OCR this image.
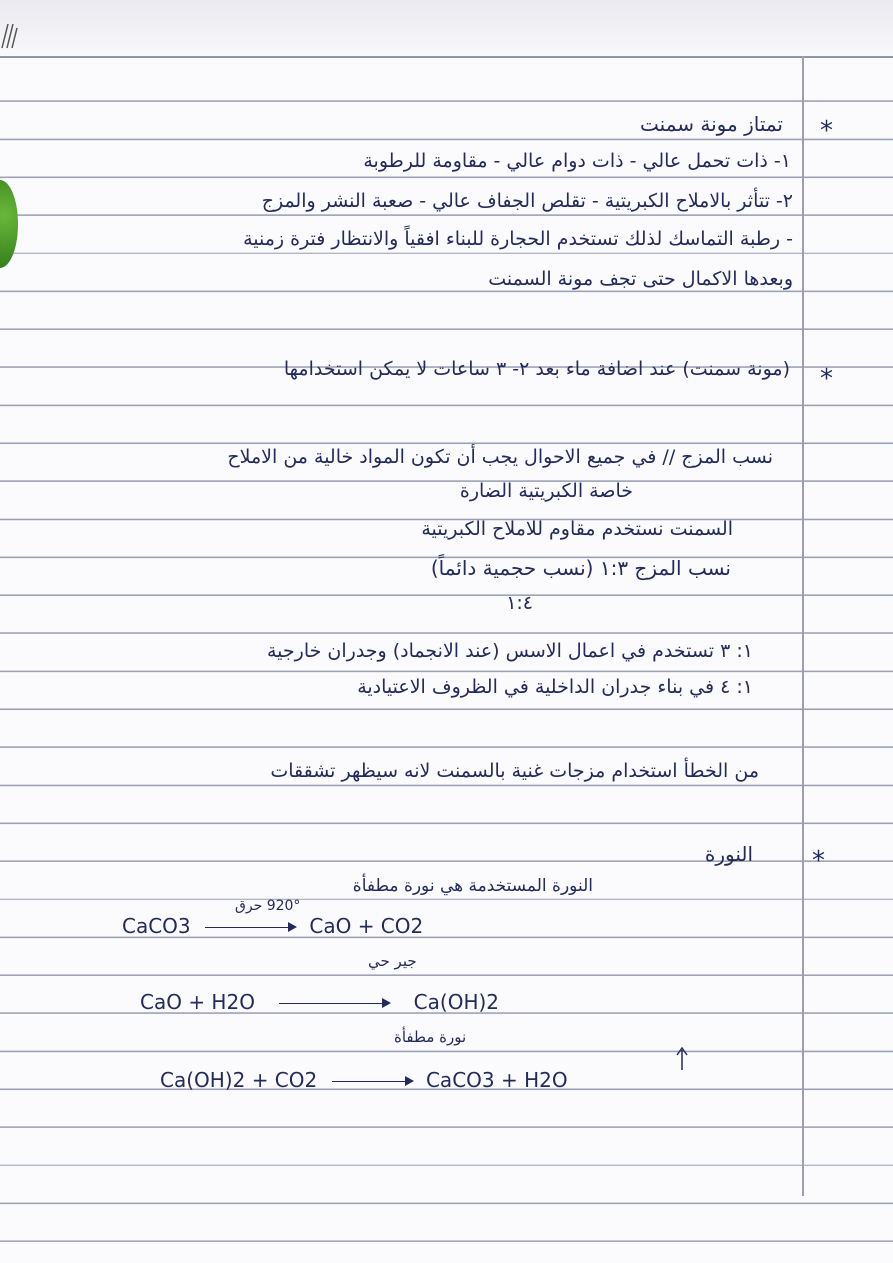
*
*
*
تمتاز مونة سمنت
١- ذات تحمل عالي - ذات دوام عالي - مقاومة للرطوبة
٢- تتأثر بالاملاح الكبريتية - تقلص الجفاف عالي - صعبة النشر والمزج
- رطبة التماسك لذلك تستخدم الحجارة للبناء افقياً والانتظار فترة زمنية
وبعدها الاكمال حتى تجف مونة السمنت
(مونة سمنت) عند اضافة ماء بعد ٢- ٣ ساعات لا يمكن استخدامها
نسب المزج // في جميع الاحوال يجب أن تكون المواد خالية من الاملاح
خاصة الكبريتية الضارة
السمنت نستخدم مقاوم للاملاح الكبريتية
نسب المزج ١:٣ (نسب حجمية دائماً)
١:٤
١: ٣ تستخدم في اعمال الاسس (عند الانجماد) وجدران خارجية
١: ٤ في بناء جدران الداخلية في الظروف الاعتيادية
من الخطأ استخدام مزجات غنية بالسمنت لانه سيظهر تشققات
النورة
النورة المستخدمة هي نورة مطفأة
CaCO3	CaO + CO2
920° حرق
جير حي
CaO + H2O	Ca(OH)2
نورة مطفأة
Ca(OH)2 + CO2	CaCO3 + H2O
